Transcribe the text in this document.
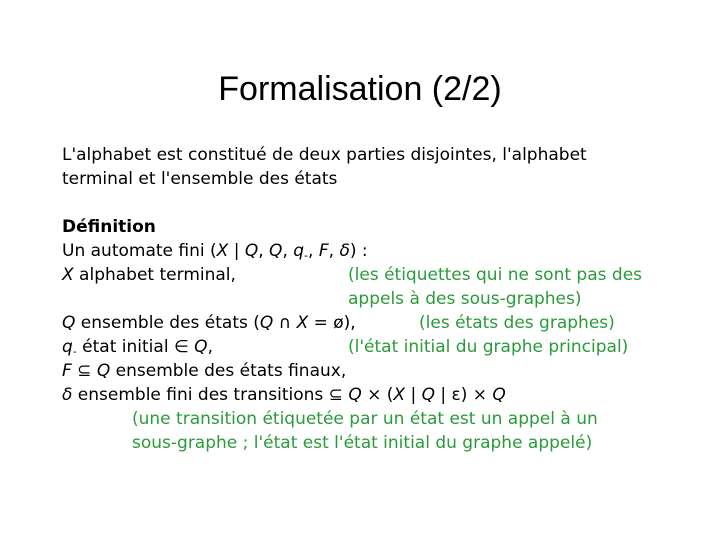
Formalisation (2/2)
L'alphabet est constitué de deux parties disjointes, l'alphabet
terminal et l'ensemble des états
Définition
Un automate fini (X | Q, Q, $q_-$, F, δ) :
X alphabet terminal,	(les étiquettes qui ne sont pas des
appels à des sous-graphes)
Q ensemble des états (Q ∩ X = ø),	(les états des graphes)
$q_-$ état initial ∈ Q,	(l'état initial du graphe principal)
F ⊆ Q ensemble des états finaux,
δ ensemble fini des transitions ⊆ Q × (X | Q | ε) × Q
(une transition étiquetée par un état est un appel à un
sous-graphe ; l'état est l'état initial du graphe appelé)
